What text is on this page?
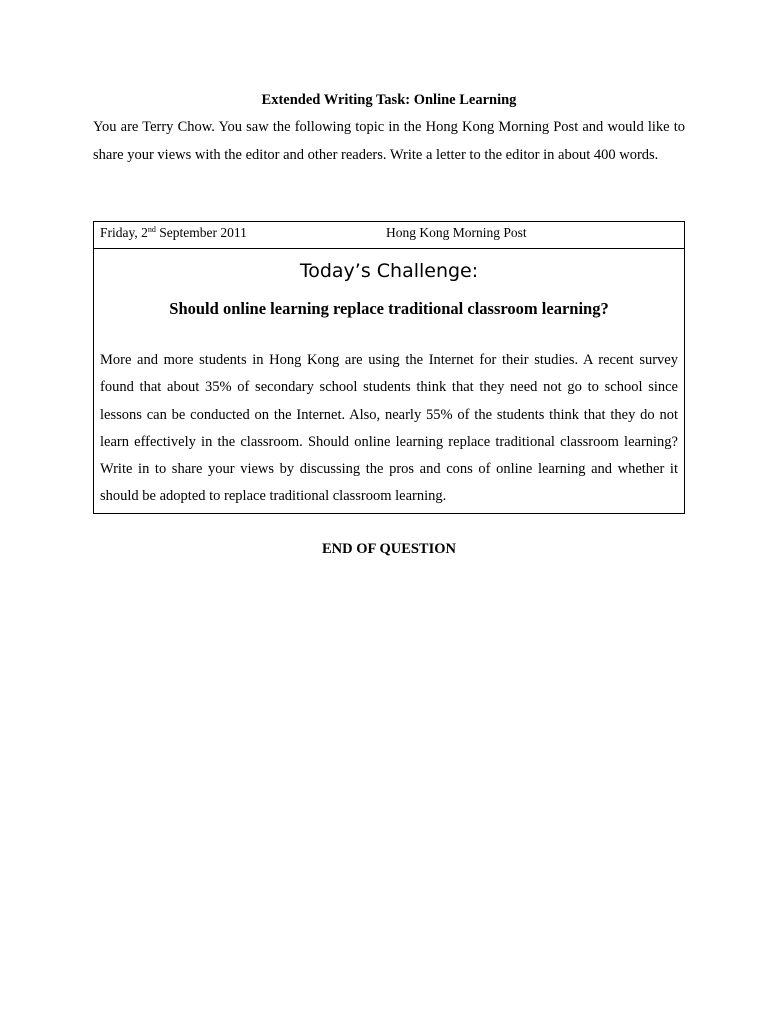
Extended Writing Task: Online Learning

You are Terry Chow. You saw the following topic in the Hong Kong Morning Post and would like to share your views with the editor and other readers. Write a letter to the editor in about 400 words.

Friday, 2nd September 2011	Hong Kong Morning Post
Today’s Challenge:
Should online learning replace traditional classroom learning?

More and more students in Hong Kong are using the Internet for their studies. A recent survey found that about 35% of secondary school students think that they need not go to school since lessons can be conducted on the Internet. Also, nearly 55% of the students think that they do not learn effectively in the classroom. Should online learning replace traditional classroom learning? Write in to share your views by discussing the pros and cons of online learning and whether it should be adopted to replace traditional classroom learning.

END OF QUESTION
